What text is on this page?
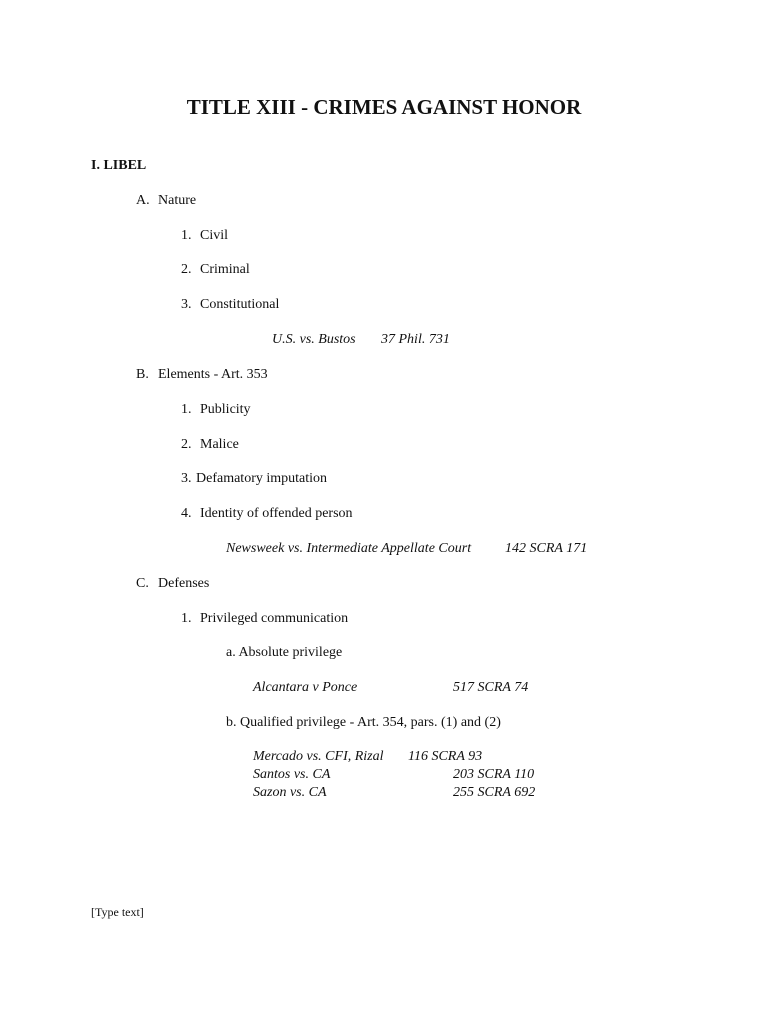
TITLE XIII - CRIMES AGAINST HONOR
I. LIBEL
A. Nature
1. Civil
2. Criminal
3. Constitutional
U.S. vs. Bustos 37 Phil. 731
B. Elements - Art. 353
1. Publicity
2. Malice
3. Defamatory imputation
4. Identity of offended person
Newsweek vs. Intermediate Appellate Court 142 SCRA 171
C. Defenses
1. Privileged communication
a. Absolute privilege
Alcantara v Ponce	517 SCRA 74
b. Qualified privilege - Art. 354, pars. (1) and (2)
Mercado vs. CFI, Rizal 116 SCRA 93
Santos vs. CA	203 SCRA 110
Sazon vs. CA	255 SCRA 692
[Type text]
